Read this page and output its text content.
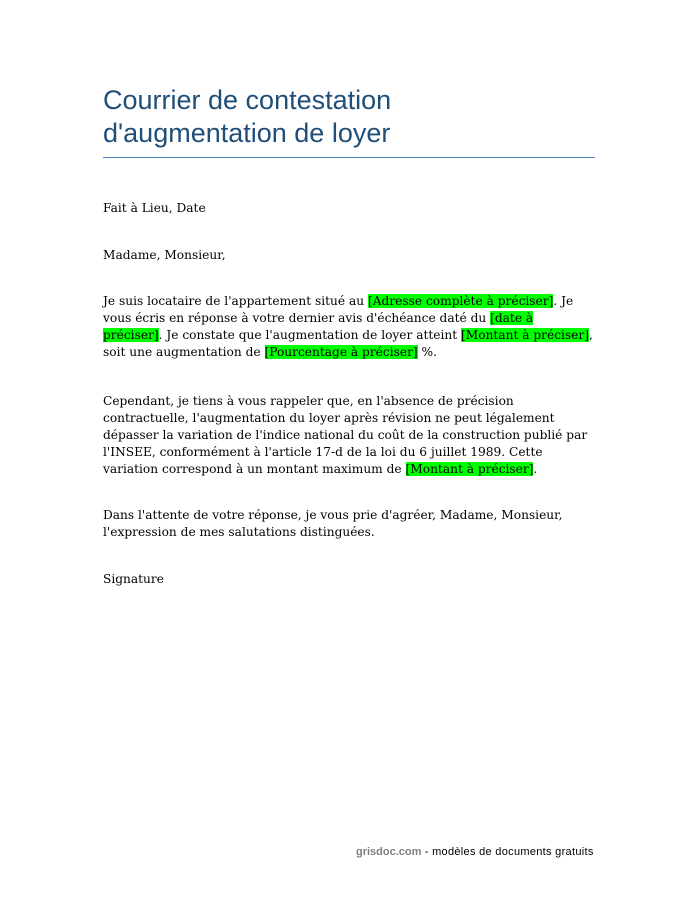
Courrier de contestation
d'augmentation de loyer

Fait à Lieu, Date

Madame, Monsieur,

Je suis locataire de l'appartement situé au [Adresse complète à préciser]. Je vous écris en réponse à votre dernier avis d'échéance daté du [date à préciser]. Je constate que l'augmentation de loyer atteint [Montant à préciser], soit une augmentation de [Pourcentage à préciser] %.

Cependant, je tiens à vous rappeler que, en l'absence de précision contractuelle, l'augmentation du loyer après révision ne peut légalement dépasser la variation de l'indice national du coût de la construction publié par l'INSEE, conformément à l'article 17-d de la loi du 6 juillet 1989. Cette variation correspond à un montant maximum de [Montant à préciser].

Dans l'attente de votre réponse, je vous prie d'agréer, Madame, Monsieur, l'expression de mes salutations distinguées.

Signature

grisdoc.com - modèles de documents gratuits
